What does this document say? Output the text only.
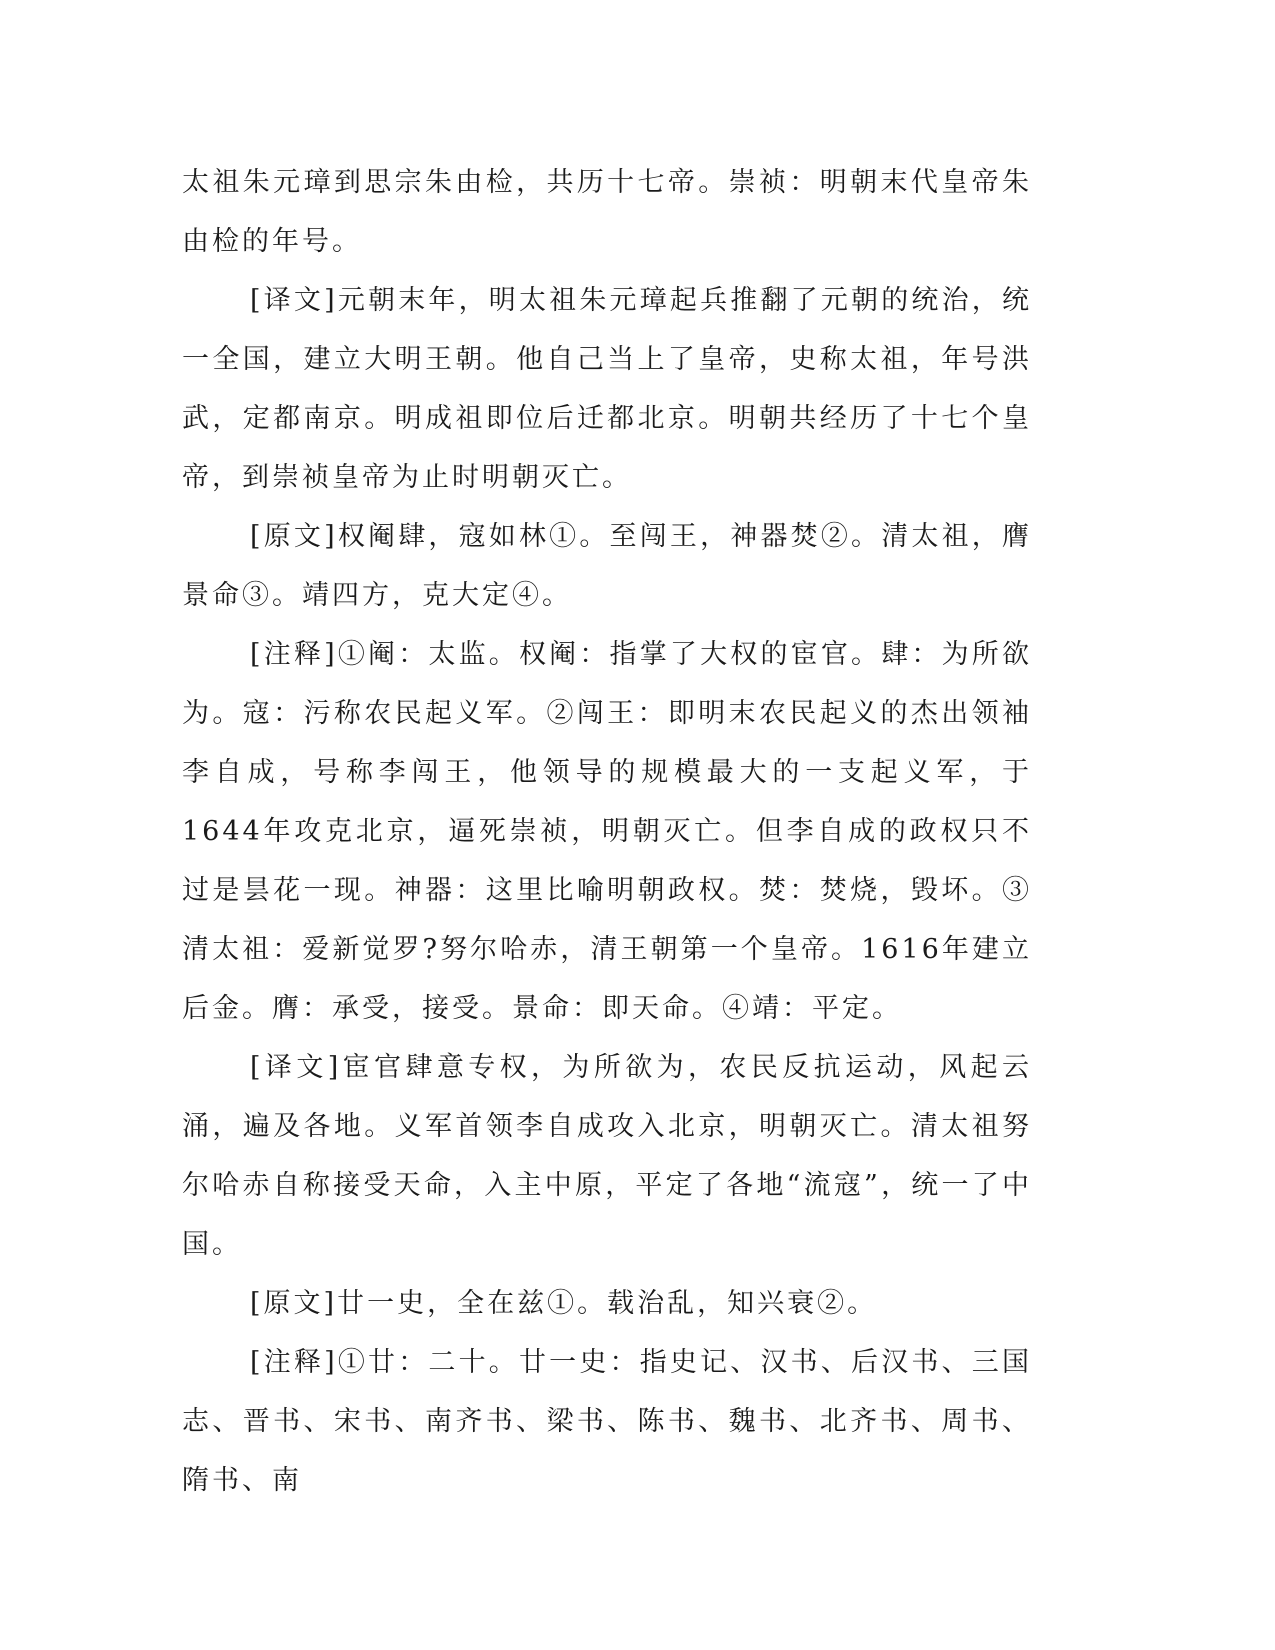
太祖朱元璋到思宗朱由检，共历十七帝。崇祯：明朝末代皇帝朱由检的年号。

[译文]元朝末年，明太祖朱元璋起兵推翻了元朝的统治，统一全国，建立大明王朝。他自己当上了皇帝，史称太祖，年号洪武，定都南京。明成祖即位后迁都北京。明朝共经历了十七个皇帝，到崇祯皇帝为止时明朝灭亡。

[原文]权阉肆，寇如林①。至闯王，神器焚②。清太祖，膺景命③。靖四方，克大定④。

[注释]①阉：太监。权阉：指掌了大权的宦官。肆：为所欲为。寇：污称农民起义军。②闯王：即明末农民起义的杰出领袖李自成，号称李闯王，他领导的规模最大的一支起义军，于1644年攻克北京，逼死崇祯，明朝灭亡。但李自成的政权只不过是昙花一现。神器：这里比喻明朝政权。焚：焚烧，毁坏。③清太祖：爱新觉罗?努尔哈赤，清王朝第一个皇帝。1616年建立后金。膺：承受，接受。景命：即天命。④靖：平定。

[译文]宦官肆意专权，为所欲为，农民反抗运动，风起云涌，遍及各地。义军首领李自成攻入北京，明朝灭亡。清太祖努尔哈赤自称接受天命，入主中原，平定了各地“流寇”，统一了中国。

[原文]廿一史，全在兹①。载治乱，知兴衰②。

[注释]①廿：二十。廿一史：指史记、汉书、后汉书、三国志、晋书、宋书、南齐书、梁书、陈书、魏书、北齐书、周书、隋书、南
